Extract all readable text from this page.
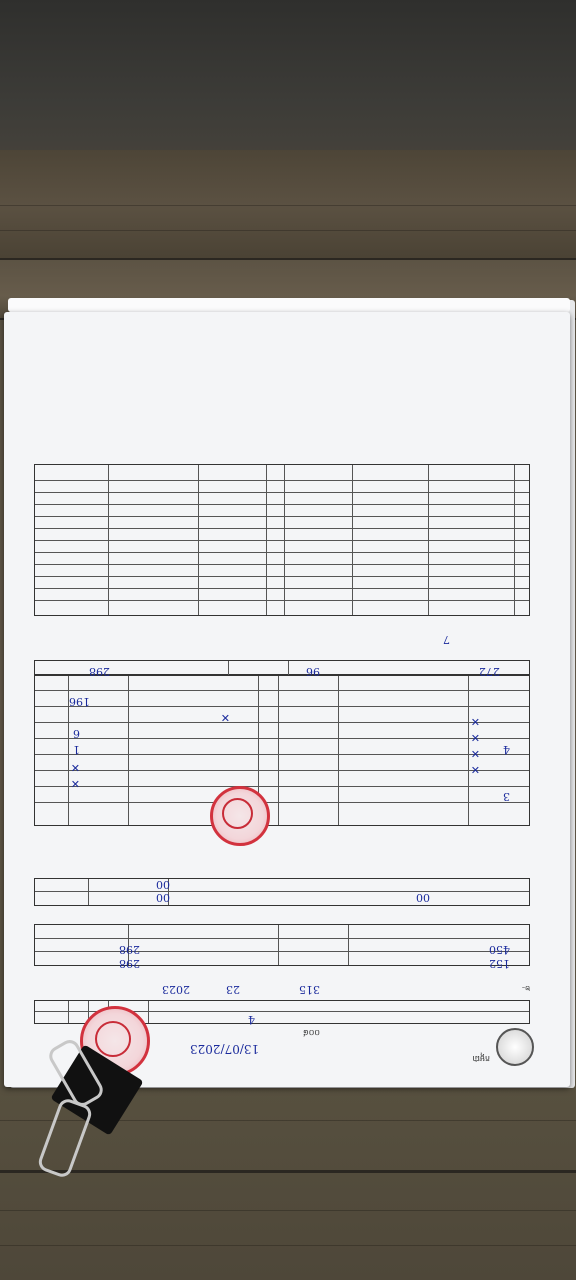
កម្ពុជា
០០៨
4
២–
315
23
2023
450
152
298
298
00
00
00
3
4
1
6
196
✕
✕
✕
✕
✕
✕
✕
272
298	96
7
13/07/2023
